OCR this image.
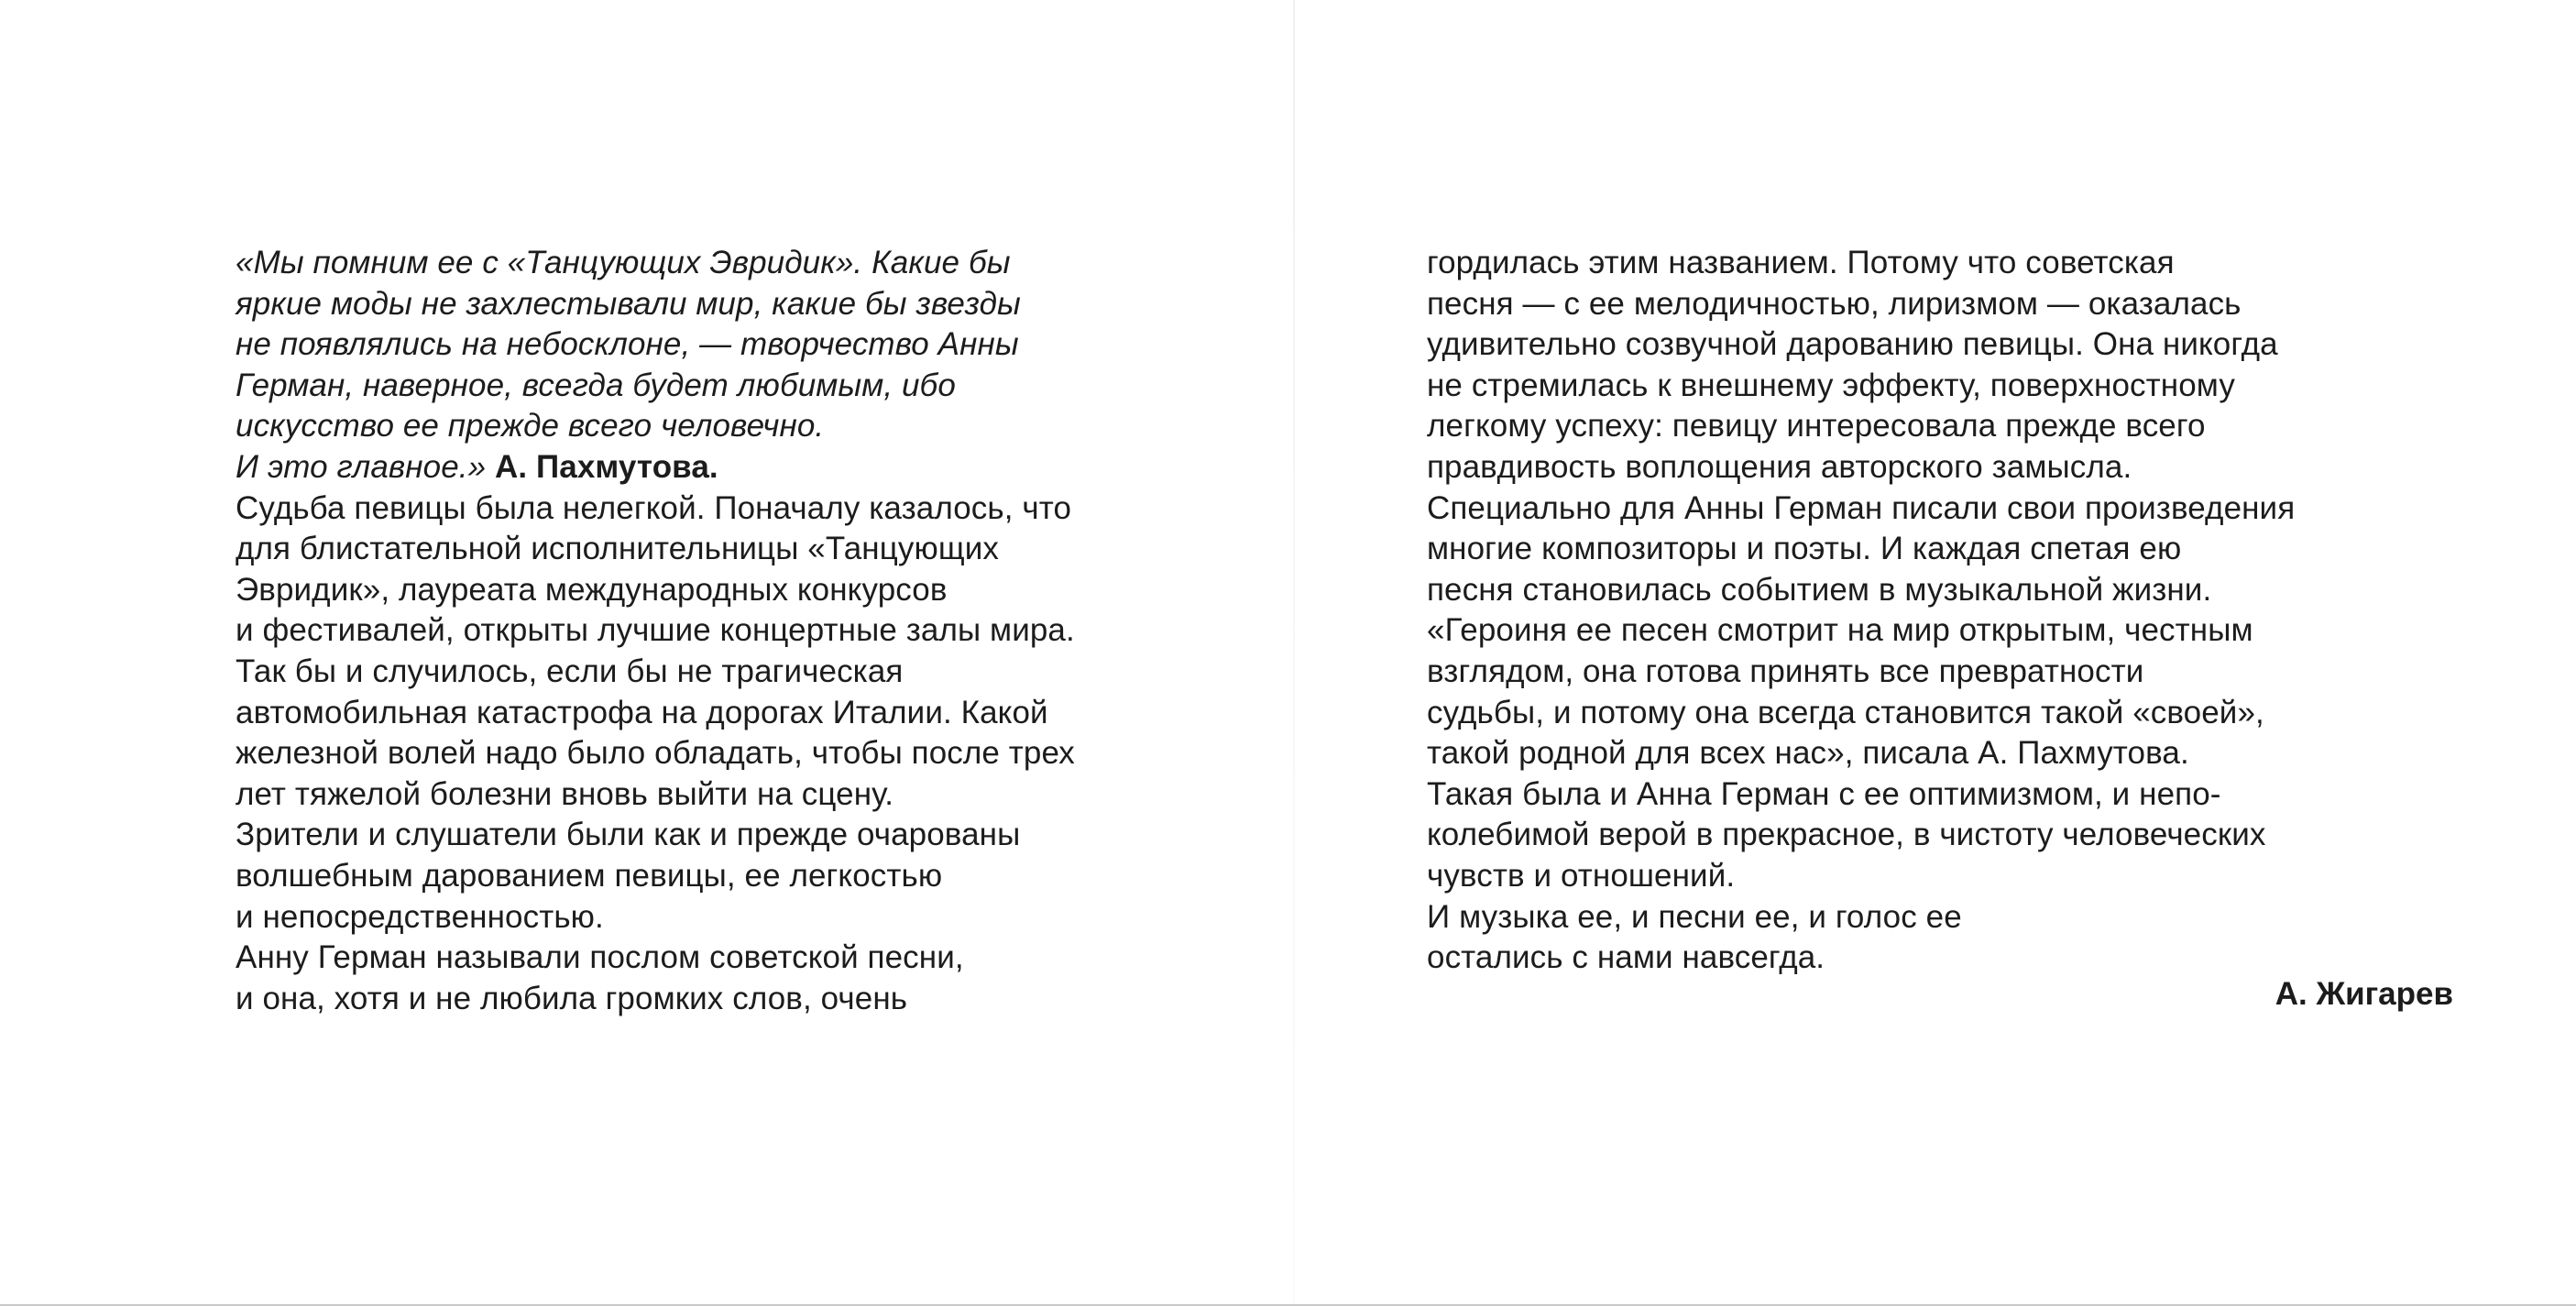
«Мы помним ее с «Танцующих Эвридик». Какие бы
яркие моды не захлестывали мир, какие бы звезды
не появлялись на небосклоне, — творчество Анны
Герман, наверное, всегда будет любимым, ибо
искусство ее прежде всего человечно.
И это главное.» А. Пахмутова.
Судьба певицы была нелегкой. Поначалу казалось, что
для блистательной исполнительницы «Танцующих
Эвридик», лауреата международных конкурсов
и фестивалей, открыты лучшие концертные залы мира.
Так бы и случилось, если бы не трагическая
автомобильная катастрофа на дорогах Италии. Какой
железной волей надо было обладать, чтобы после трех
лет тяжелой болезни вновь выйти на сцену.
Зрители и слушатели были как и прежде очарованы
волшебным дарованием певицы, ее легкостью
и непосредственностью.
Анну Герман называли послом советской песни,
и она, хотя и не любила громких слов, очень
гордилась этим названием. Потому что советская
песня — с ее мелодичностью, лиризмом — оказалась
удивительно созвучной дарованию певицы. Она никогда
не стремилась к внешнему эффекту, поверхностному
легкому успеху: певицу интересовала прежде всего
правдивость воплощения авторского замысла.
Специально для Анны Герман писали свои произведения
многие композиторы и поэты. И каждая спетая ею
песня становилась событием в музыкальной жизни.
«Героиня ее песен смотрит на мир открытым, честным
взглядом, она готова принять все превратности
судьбы, и потому она всегда становится такой «своей»,
такой родной для всех нас», писала А. Пахмутова.
Такая была и Анна Герман с ее оптимизмом, и непо-
колебимой верой в прекрасное, в чистоту человеческих
чувств и отношений.
И музыка ее, и песни ее, и голос ее
остались с нами навсегда.
А. Жигарев
